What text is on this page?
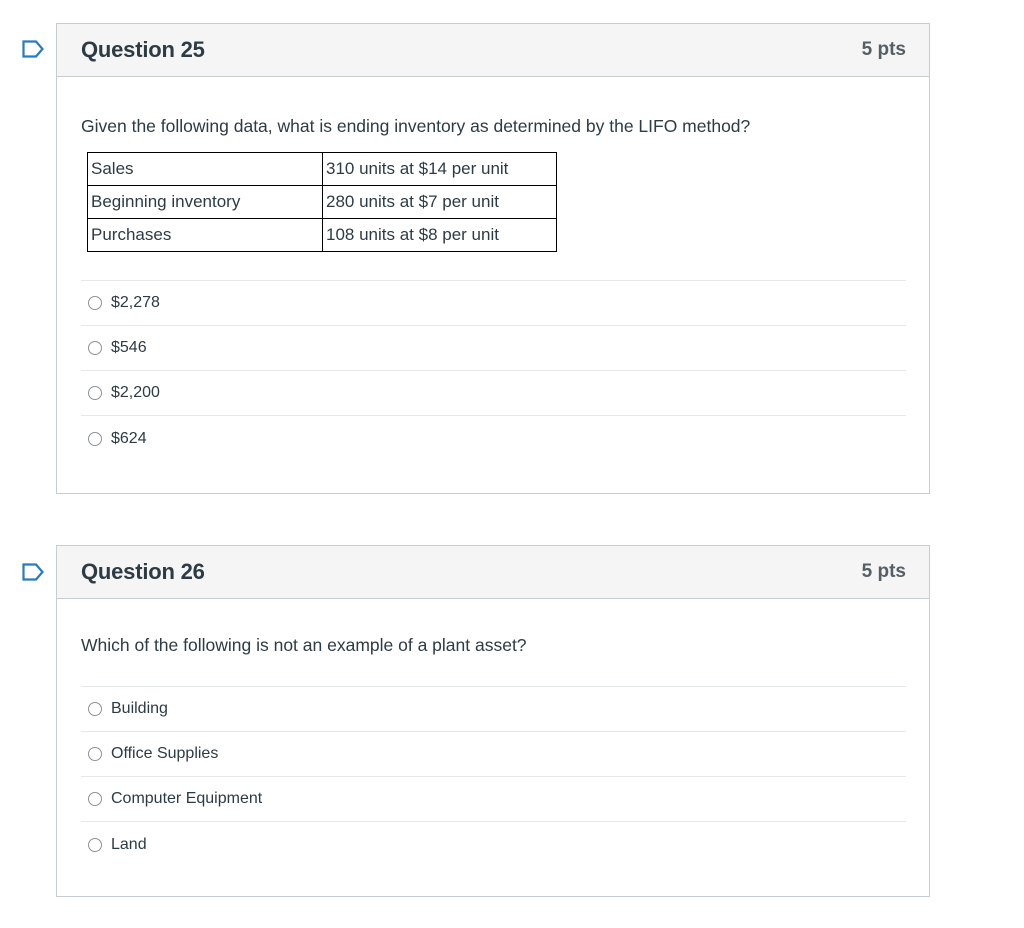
Question 25	5 pts

Given the following data, what is ending inventory as determined by the LIFO method?

Sales	310 units at $14 per unit
Beginning inventory	280 units at $7 per unit
Purchases	108 units at $8 per unit
$2,278
$546
$2,200
$624
Question 26	5 pts

Which of the following is not an example of a plant asset?

Building
Office Supplies
Computer Equipment
Land
